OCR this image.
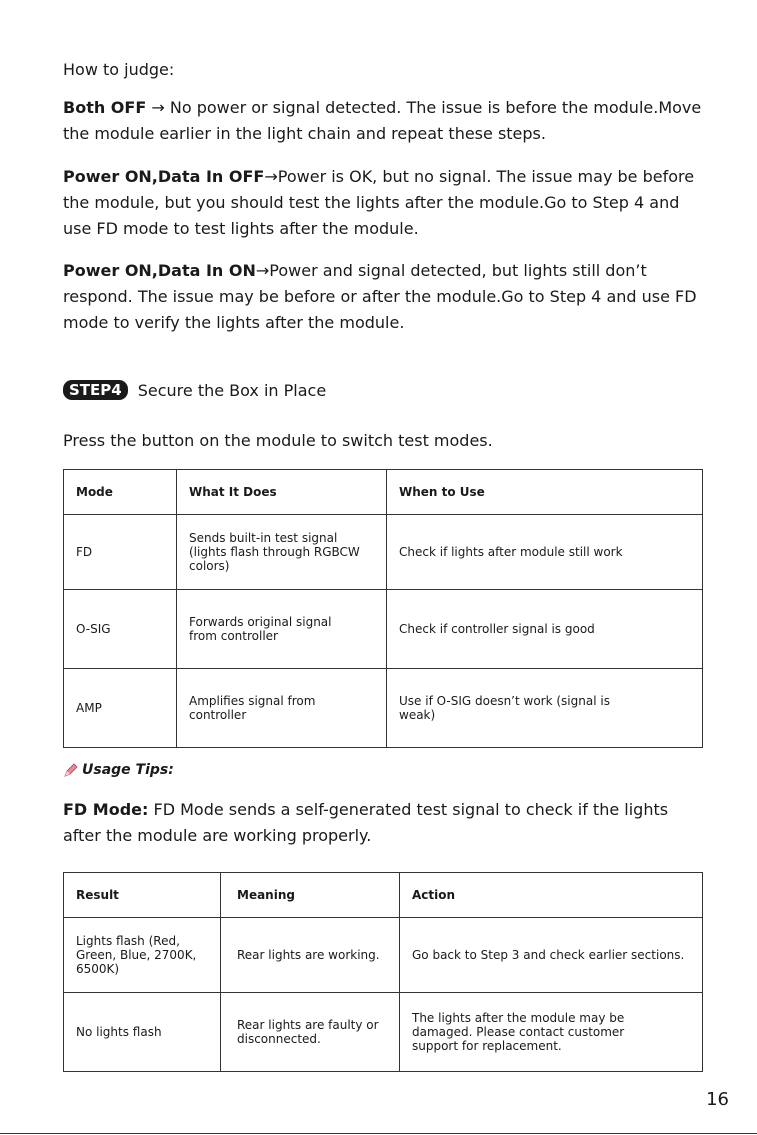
How to judge:

Both OFF → No power or signal detected. The issue is before the module.Move the module earlier in the light chain and repeat these steps.

Power ON,Data In OFF→Power is OK, but no signal. The issue may be before the module, but you should test the lights after the module.Go to Step 4 and use FD mode to test lights after the module.

Power ON,Data In ON→Power and signal detected, but lights still don’t respond. The issue may be before or after the module.Go to Step 4 and use FD mode to verify the lights after the module.

STEP4	Secure the Box in Place

Press the button on the module to switch test modes.

Mode	What It Does	When to Use
FD	Sends built-in test signal (lights flash through RGBCW colors)	Check if lights after module still work
O-SIG	Forwards original signal from controller	Check if controller signal is good
AMP	Amplifies signal from controller	Use if O-SIG doesn’t work (signal is weak)
Usage Tips:

FD Mode: FD Mode sends a self-generated test signal to check if the lights after the module are working properly.

Result	Meaning	Action
Lights flash (Red, Green, Blue, 2700K, 6500K)	Rear lights are working.	Go back to Step 3 and check earlier sections.
No lights flash	Rear lights are faulty or disconnected.	The lights after the module may be damaged. Please contact customer support for replacement.
16
